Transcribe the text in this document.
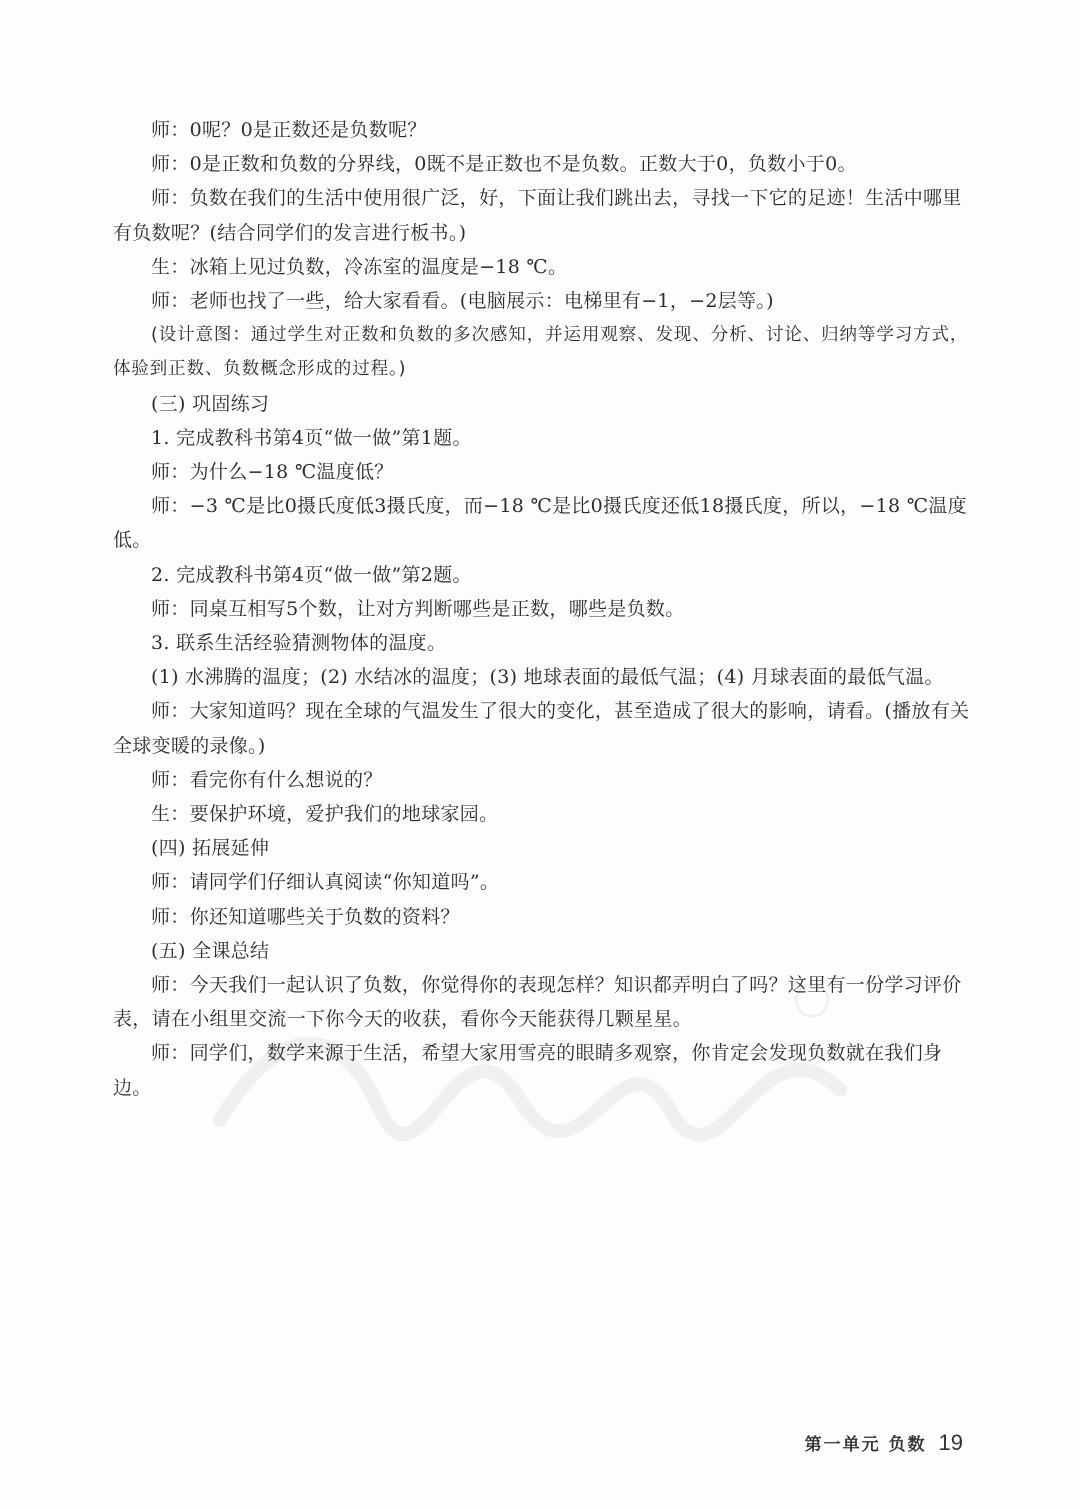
师：0呢？0是正数还是负数呢？

师：0是正数和负数的分界线，0既不是正数也不是负数。正数大于0，负数小于0。

师：负数在我们的生活中使用很广泛，好，下面让我们跳出去，寻找一下它的足迹！生活中哪里有负数呢？(结合同学们的发言进行板书。)

生：冰箱上见过负数，冷冻室的温度是−18 ℃。

师：老师也找了一些，给大家看看。(电脑展示：电梯里有−1，−2层等。)

(设计意图：通过学生对正数和负数的多次感知，并运用观察、发现、分析、讨论、归纳等学习方式，体验到正数、负数概念形成的过程。)

(三) 巩固练习

1. 完成教科书第4页“做一做”第1题。

师：为什么−18 ℃温度低？

师：−3 ℃是比0摄氏度低3摄氏度，而−18 ℃是比0摄氏度还低18摄氏度，所以，−18 ℃温度低。

2. 完成教科书第4页“做一做”第2题。

师：同桌互相写5个数，让对方判断哪些是正数，哪些是负数。

3. 联系生活经验猜测物体的温度。

(1) 水沸腾的温度；(2) 水结冰的温度；(3) 地球表面的最低气温；(4) 月球表面的最低气温。

师：大家知道吗？现在全球的气温发生了很大的变化，甚至造成了很大的影响，请看。(播放有关全球变暖的录像。)

师：看完你有什么想说的？

生：要保护环境，爱护我们的地球家园。

(四) 拓展延伸

师：请同学们仔细认真阅读“你知道吗”。

师：你还知道哪些关于负数的资料？

(五) 全课总结

师：今天我们一起认识了负数，你觉得你的表现怎样？知识都弄明白了吗？这里有一份学习评价表，请在小组里交流一下你今天的收获，看你今天能获得几颗星星。

师：同学们，数学来源于生活，希望大家用雪亮的眼睛多观察，你肯定会发现负数就在我们身边。

第一单元 负数 19
